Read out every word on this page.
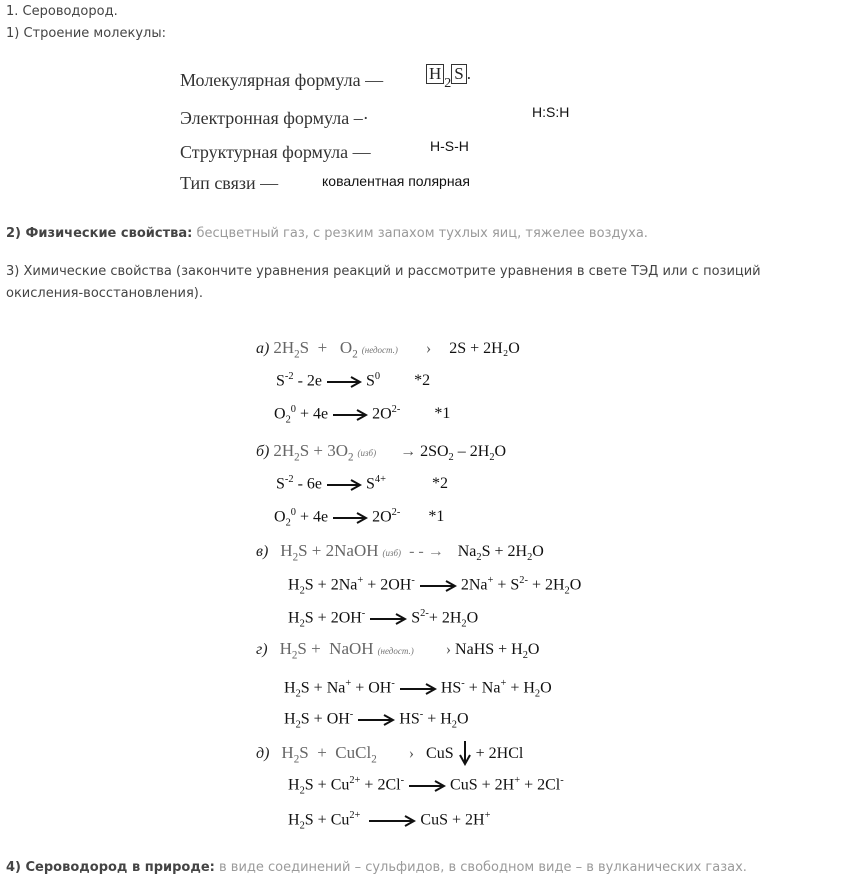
1. Сероводород.
1) Строение молекулы:
Молекулярная формула —	$H_2S$ .
Электронная формула –·	H:S:H
Структурная формула —	H-S-H
Тип связи —	ковалентная полярная
2) Физические свойства: бесцветный газ, с резким запахом тухлых яиц, тяжелее воздуха.
3) Химические свойства (закончите уравнения реакций и рассмотрите уравнения в свете ТЭД или с позиций
окисления-восстановления).
а) $2H_2S + O_2$ (недост.) › 2S + 2H₂O
$S^{-2} - 2e$  $S^0$ *2
$O_2^0 + 4e$  $2O^{2-}$ *1
б) $2H_2S + 3O_2$ $(изб) \to 2SO_2 - 2H_2O$
$S^{-2} - 6e$  $S^{4+}$	*2
$O_2^0 + 4e$  $2O^{2-}$ *1
в) $H_2S$ + 2NaOH (изб) - - → $Na_2S + 2H_2O$
$H_2S + 2Na^+ + 2OH^-$	$2Na^+ + S^{2-} + 2H_2O$
$H_2S + 2OH^-$	$S^{2-}+ 2H_2O$
г) $H_2S$ +  NaOH (недост.) › NaHS + $H_2O$
$H_2S + Na^+ + OH^-$	$HS^- + Na^+ + H_2O$
$H_2S + OH^-$	$HS^- + H_2O$
д) $H_2S$  +  CuCl$_2$ › CuS + 2HCl
$H_2S + Cu^{2+} + 2Cl^-$	CuS + 2H+ + 2Cl-
$H_2S + Cu^{2+}$	CuS + 2H+
4) Сероводород в природе: в виде соединений – сульфидов, в свободном виде – в вулканических газах.
